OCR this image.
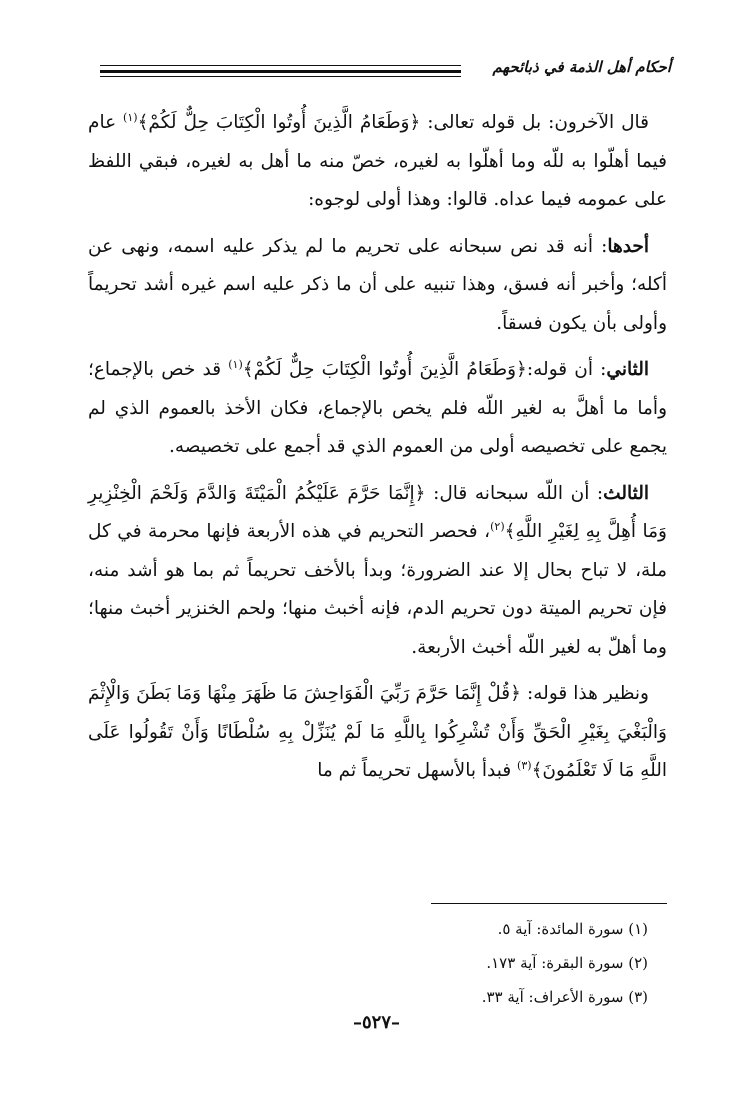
أحكام أهل الذمة في ذبائحهم

قال الآخرون: بل قوله تعالى: ﴿وَطَعَامُ الَّذِينَ أُوتُوا الْكِتَابَ حِلٌّ لَكُمْ﴾$^{(١)}$ عام فيما أهلّوا به للّه وما أهلّوا به لغيره، خصّ منه ما أهل به لغيره، فبقي اللفظ على عمومه فيما عداه. قالوا: وهذا أولى لوجوه:

أحدها: أنه قد نص سبحانه على تحريم ما لم يذكر عليه اسمه، ونهى عن أكله؛ وأخبر أنه فسق، وهذا تنبيه على أن ما ذكر عليه اسم غيره أشد تحريماً وأولى بأن يكون فسقاً.

الثاني: أن قوله:﴿وَطَعَامُ الَّذِينَ أُوتُوا الْكِتَابَ حِلٌّ لَكُمْ﴾$^{(١)}$ قد خص بالإجماع؛ وأما ما أهلَّ به لغير اللّه فلم يخص بالإجماع، فكان الأخذ بالعموم الذي لم يجمع على تخصيصه أولى من العموم الذي قد أجمع على تخصيصه.

الثالث: أن اللّه سبحانه قال: ﴿إِنَّمَا حَرَّمَ عَلَيْكُمُ الْمَيْتَةَ وَالدَّمَ وَلَحْمَ الْخِنْزِيرِ وَمَا أُهِلَّ بِهِ لِغَيْرِ اللَّهِ﴾$^{(٢)}$، فحصر التحريم في هذه الأربعة فإنها محرمة في كل ملة، لا تباح بحال إلا عند الضرورة؛ وبدأ بالأخف تحريماً ثم بما هو أشد منه، فإن تحريم الميتة دون تحريم الدم، فإنه أخبث منها؛ ولحم الخنزير أخبث منها؛ وما أهلّ به لغير اللّه أخبث الأربعة.

ونظير هذا قوله: ﴿قُلْ إِنَّمَا حَرَّمَ رَبِّيَ الْفَوَاحِشَ مَا ظَهَرَ مِنْهَا وَمَا بَطَنَ وَالْإِثْمَ وَالْبَغْيَ بِغَيْرِ الْحَقِّ وَأَنْ تُشْرِكُوا بِاللَّهِ مَا لَمْ يُنَزِّلْ بِهِ سُلْطَانًا وَأَنْ تَقُولُوا عَلَى اللَّهِ مَا لَا تَعْلَمُونَ﴾$^{(٣)}$ فبدأ بالأسهل تحريماً ثم ما

(١) سورة المائدة: آية ٥.
(٢) سورة البقرة: آية ١٧٣.
(٣) سورة الأعراف: آية ٣٣.
–٥٢٧–
